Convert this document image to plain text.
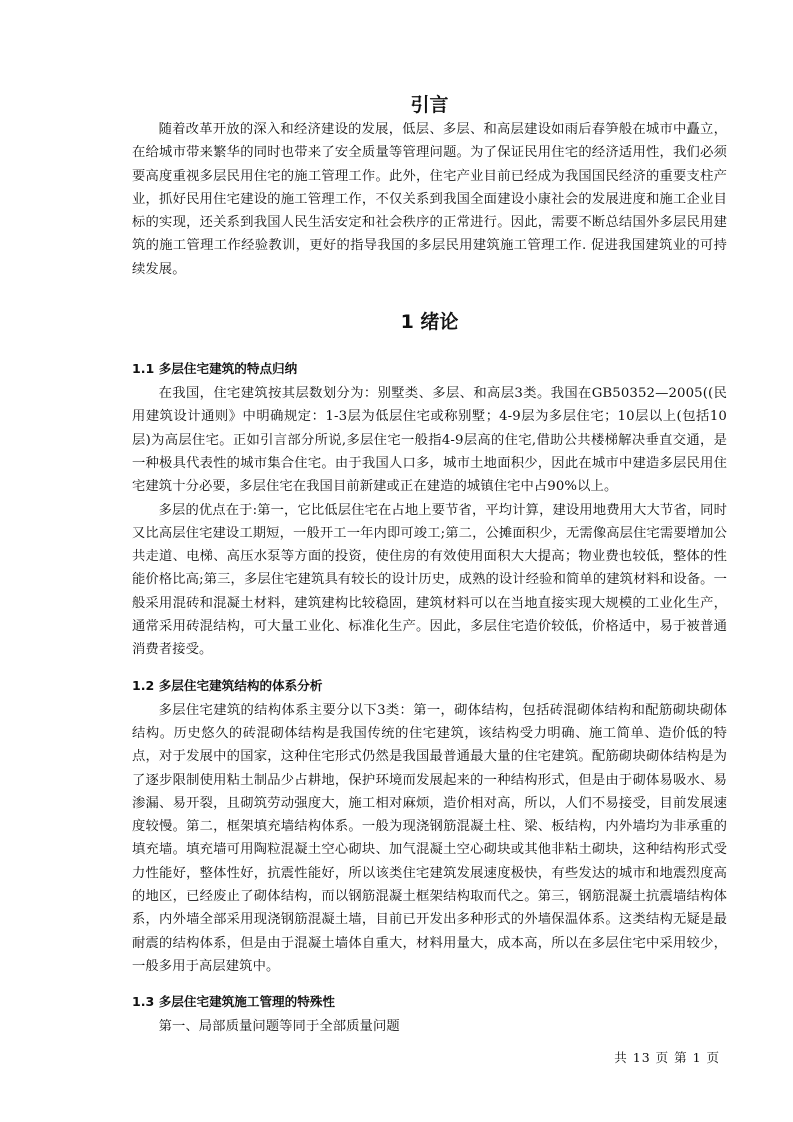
引言

随着改革开放的深入和经济建设的发展，低层、多层、和高层建设如雨后春笋般在城市中矗立，在给城市带来繁华的同时也带来了安全质量等管理问题。为了保证民用住宅的经济适用性，我们必须要高度重视多层民用住宅的施工管理工作。此外，住宅产业目前已经成为我国国民经济的重要支柱产业，抓好民用住宅建设的施工管理工作，不仅关系到我国全面建设小康社会的发展进度和施工企业目标的实现，还关系到我国人民生活安定和社会秩序的正常进行。因此，需要不断总结国外多层民用建筑的施工管理工作经验教训，更好的指导我国的多层民用建筑施工管理工作. 促进我国建筑业的可持续发展。

1 绪论
1.1 多层住宅建筑的特点归纳

在我国，住宅建筑按其层数划分为：别墅类、多层、和高层3类。我国在GB50352—2005((民用建筑设计通则》中明确规定：1-3层为低层住宅或称别墅；4-9层为多层住宅；10层以上(包括10层)为高层住宅。正如引言部分所说,多层住宅一般指4-9层高的住宅,借助公共楼梯解决垂直交通，是一种极具代表性的城市集合住宅。由于我国人口多，城市土地面积少，因此在城市中建造多层民用住宅建筑十分必要，多层住宅在我国目前新建或正在建造的城镇住宅中占90%以上。

多层的优点在于:第一，它比低层住宅在占地上要节省，平均计算，建设用地费用大大节省，同时又比高层住宅建设工期短，一般开工一年内即可竣工;第二，公摊面积少，无需像高层住宅需要增加公共走道、电梯、高压水泵等方面的投资，使住房的有效使用面积大大提高；物业费也较低，整体的性能价格比高;第三，多层住宅建筑具有较长的设计历史，成熟的设计经验和简单的建筑材料和设备。一般采用混砖和混凝土材料，建筑建构比较稳固，建筑材料可以在当地直接实现大规模的工业化生产，通常采用砖混结构，可大量工业化、标准化生产。因此，多层住宅造价较低，价格适中，易于被普通消费者接受。

1.2 多层住宅建筑结构的体系分析

多层住宅建筑的结构体系主要分以下3类：第一，砌体结构，包括砖混砌体结构和配筋砌块砌体结构。历史悠久的砖混砌体结构是我国传统的住宅建筑，该结构受力明确、施工简单、造价低的特点，对于发展中的国家，这种住宅形式仍然是我国最普通最大量的住宅建筑。配筋砌块砌体结构是为了逐步限制使用粘土制品少占耕地，保护环境而发展起来的一种结构形式，但是由于砌体易吸水、易渗漏、易开裂，且砌筑劳动强度大，施工相对麻烦，造价相对高，所以，人们不易接受，目前发展速度较慢。第二，框架填充墙结构体系。一般为现浇钢筋混凝土柱、梁、板结构，内外墙均为非承重的填充墙。填充墙可用陶粒混凝土空心砌块、加气混凝土空心砌块或其他非粘土砌块，这种结构形式受力性能好，整体性好，抗震性能好，所以该类住宅建筑发展速度极快，有些发达的城市和地震烈度高的地区，已经废止了砌体结构，而以钢筋混凝土框架结构取而代之。第三，钢筋混凝土抗震墙结构体系，内外墙全部采用现浇钢筋混凝土墙，目前已开发出多种形式的外墙保温体系。这类结构无疑是最耐震的结构体系，但是由于混凝土墙体自重大，材料用量大，成本高，所以在多层住宅中采用较少，一般多用于高层建筑中。

1.3 多层住宅建筑施工管理的特殊性

第一、局部质量问题等同于全部质量问题

共 13 页 第 1 页
